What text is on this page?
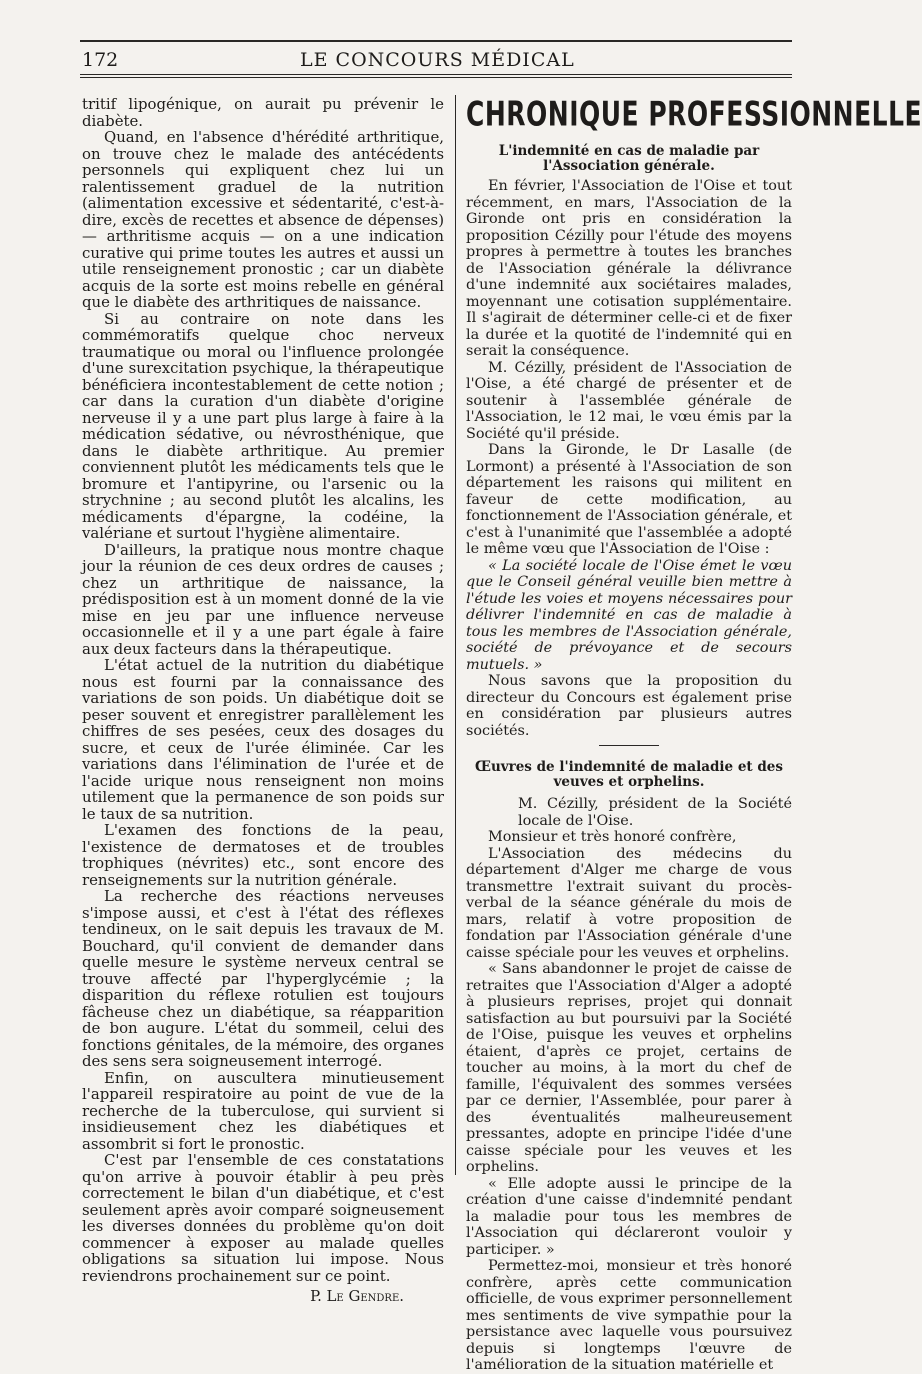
172	LE CONCOURS MÉDICAL

tritif lipogénique, on aurait pu prévenir le diabète.

Quand, en l'absence d'hérédité arthritique, on trouve chez le malade des antécédents personnels qui expliquent chez lui un ralentissement graduel de la nutrition (alimentation excessive et sédentarité, c'est-à-dire, excès de recettes et absence de dépenses) — arthritisme acquis — on a une indication curative qui prime toutes les autres et aussi un utile renseignement pronostic ; car un diabète acquis de la sorte est moins rebelle en général que le diabète des arthritiques de naissance.

Si au contraire on note dans les commémoratifs quelque choc nerveux traumatique ou moral ou l'influence prolongée d'une surexcitation psychique, la thérapeutique bénéficiera incontestablement de cette notion ; car dans la curation d'un diabète d'origine nerveuse il y a une part plus large à faire à la médication sédative, ou névrosthénique, que dans le diabète arthritique. Au premier conviennent plutôt les médicaments tels que le bromure et l'antipyrine, ou l'arsenic ou la strychnine ; au second plutôt les alcalins, les médicaments d'épargne, la codéine, la valériane et surtout l'hygiène alimentaire.

D'ailleurs, la pratique nous montre chaque jour la réunion de ces deux ordres de causes ; chez un arthritique de naissance, la prédisposition est à un moment donné de la vie mise en jeu par une influence nerveuse occasionnelle et il y a une part égale à faire aux deux facteurs dans la thérapeutique.

L'état actuel de la nutrition du diabétique nous est fourni par la connaissance des variations de son poids. Un diabétique doit se peser souvent et enregistrer parallèlement les chiffres de ses pesées, ceux des dosages du sucre, et ceux de l'urée éliminée. Car les variations dans l'élimination de l'urée et de l'acide urique nous renseignent non moins utilement que la permanence de son poids sur le taux de sa nutrition.

L'examen des fonctions de la peau, l'existence de dermatoses et de troubles trophiques (névrites) etc., sont encore des renseignements sur la nutrition générale.

La recherche des réactions nerveuses s'impose aussi, et c'est à l'état des réflexes tendineux, on le sait depuis les travaux de M. Bouchard, qu'il convient de demander dans quelle mesure le système nerveux central se trouve affecté par l'hyperglycémie ; la disparition du réflexe rotulien est toujours fâcheuse chez un diabétique, sa réapparition de bon augure. L'état du sommeil, celui des fonctions génitales, de la mémoire, des organes des sens sera soigneusement interrogé.

Enfin, on auscultera minutieusement l'appareil respiratoire au point de vue de la recherche de la tuberculose, qui survient si insidieusement chez les diabétiques et assombrit si fort le pronostic.

C'est par l'ensemble de ces constatations qu'on arrive à pouvoir établir à peu près correctement le bilan d'un diabétique, et c'est seulement après avoir comparé soigneusement les diverses données du problème qu'on doit commencer à exposer au malade quelles obligations sa situation lui impose. Nous reviendrons prochainement sur ce point.

P. Le Gendre.

CHRONIQUE PROFESSIONNELLE
L'indemnité en cas de maladie par l'Association générale.

En février, l'Association de l'Oise et tout récemment, en mars, l'Association de la Gironde ont pris en considération la proposition Cézilly pour l'étude des moyens propres à permettre à toutes les branches de l'Association générale la délivrance d'une indemnité aux sociétaires malades, moyennant une cotisation supplémentaire. Il s'agirait de déterminer celle-ci et de fixer la durée et la quotité de l'indemnité qui en serait la conséquence.

M. Cézilly, président de l'Association de l'Oise, a été chargé de présenter et de soutenir à l'assemblée générale de l'Association, le 12 mai, le vœu émis par la Société qu'il préside.

Dans la Gironde, le Dr Lasalle (de Lormont) a présenté à l'Association de son département les raisons qui militent en faveur de cette modification, au fonctionnement de l'Association générale, et c'est à l'unanimité que l'assemblée a adopté le même vœu que l'Association de l'Oise :

« La société locale de l'Oise émet le vœu que le Conseil général veuille bien mettre à l'étude les voies et moyens nécessaires pour délivrer l'indemnité en cas de maladie à tous les membres de l'Association générale, société de prévoyance et de secours mutuels. »

Nous savons que la proposition du directeur du Concours est également prise en considération par plusieurs autres sociétés.

Œuvres de l'indemnité de maladie et des veuves et orphelins.

M. Cézilly, président de la Société locale de l'Oise.

Monsieur et très honoré confrère,

L'Association des médecins du département d'Alger me charge de vous transmettre l'extrait suivant du procès-verbal de la séance générale du mois de mars, relatif à votre proposition de fondation par l'Association générale d'une caisse spéciale pour les veuves et orphelins.

« Sans abandonner le projet de caisse de retraites que l'Association d'Alger a adopté à plusieurs reprises, projet qui donnait satisfaction au but poursuivi par la Société de l'Oise, puisque les veuves et orphelins étaient, d'après ce projet, certains de toucher au moins, à la mort du chef de famille, l'équivalent des sommes versées par ce dernier, l'Assemblée, pour parer à des éventualités malheureusement pressantes, adopte en principe l'idée d'une caisse spéciale pour les veuves et les orphelins.

« Elle adopte aussi le principe de la création d'une caisse d'indemnité pendant la maladie pour tous les membres de l'Association qui déclareront vouloir y participer. »

Permettez-moi, monsieur et très honoré confrère, après cette communication officielle, de vous exprimer personnellement mes sentiments de vive sympathie pour la persistance avec laquelle vous poursuivez depuis si longtemps l'œuvre de l'amélioration de la situation matérielle et
